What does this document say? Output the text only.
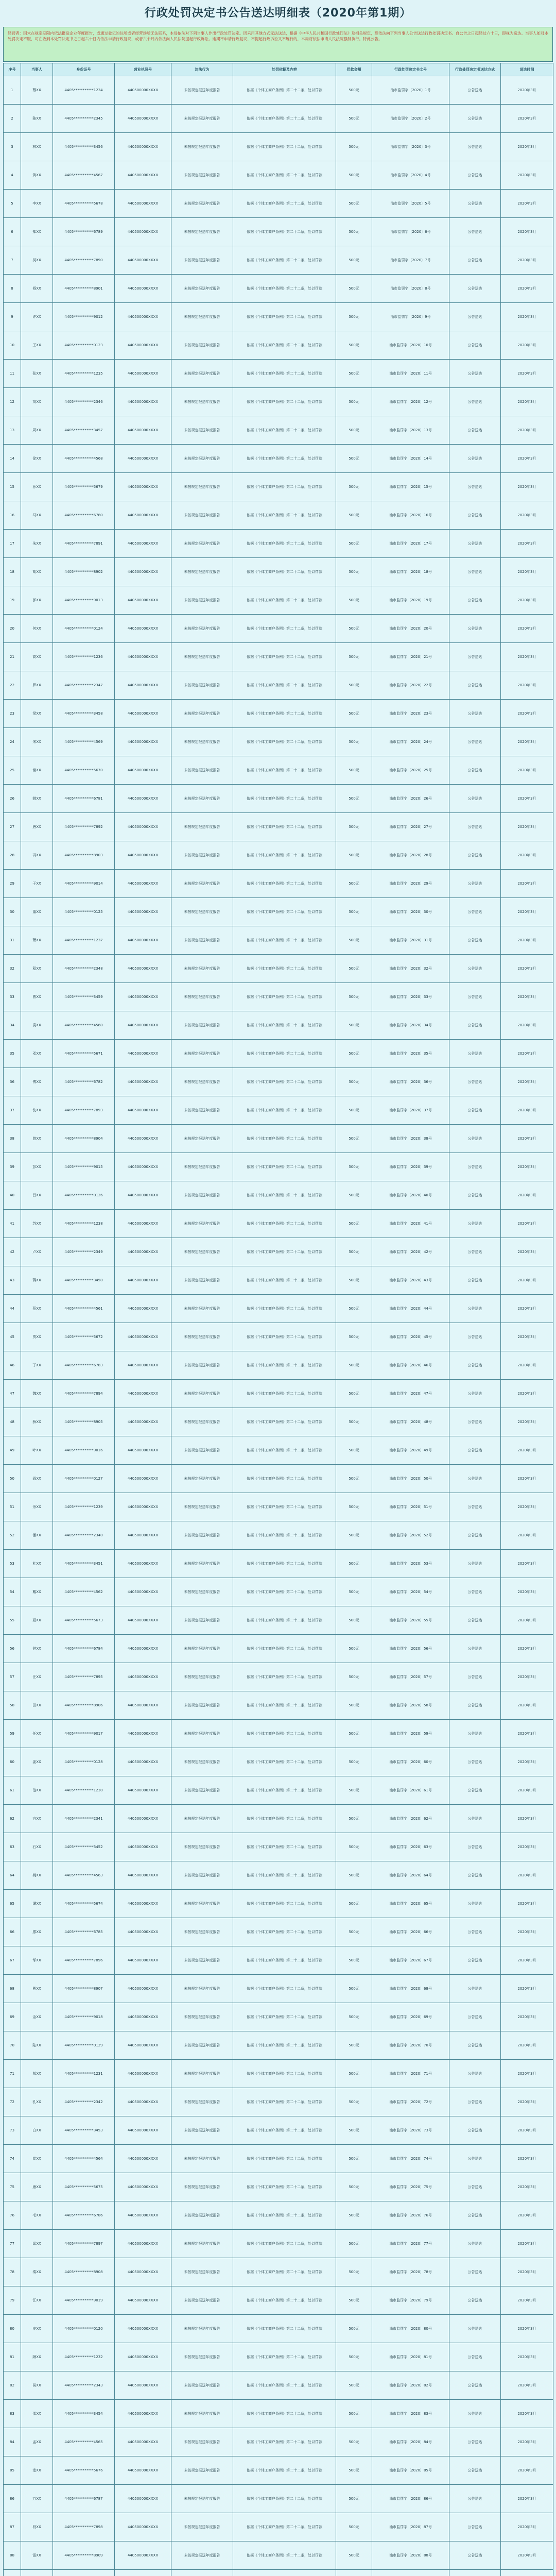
行政处罚决定书公告送达明细表（2020年第1期）
经营者：因未在规定期限内依法报送企业年度报告，或通过登记的住所或者经营场所无法联系，本局依法对下列当事人作出行政处罚决定。因采用其他方式无法送达，根据《中华人民共和国行政处罚法》及相关规定，现依法向下列当事人公告送达行政处罚决定书。自公告之日起经过六十日，即视为送达。当事人如对本处罚决定不服，可在收到本处罚决定书之日起六十日内依法申请行政复议，或者六个月内依法向人民法院提起行政诉讼。逾期不申请行政复议、不提起行政诉讼又不履行的，本局将依法申请人民法院强制执行。特此公告。
序号	当事人	身份证号	营业执照号	违法行为	处罚依据及内容	罚款金额	行政处罚决定书文号	行政处罚决定书送达方式	送达时间
1	蔡XX	4405***********1234	440500000XXXX	未按规定报送年度报告	依据《个体工商户条例》第二十二条，处以罚款	500元	汕市监罚字〔2020〕1号	公告送达	2020年3月
2	陈XX	4405***********2345	440500000XXXX	未按规定报送年度报告	依据《个体工商户条例》第二十二条，处以罚款	500元	汕市监罚字〔2020〕2号	公告送达	2020年3月
3	林XX	4405***********3456	440500000XXXX	未按规定报送年度报告	依据《个体工商户条例》第二十二条，处以罚款	500元	汕市监罚字〔2020〕3号	公告送达	2020年3月
4	黄XX	4405***********4567	440500000XXXX	未按规定报送年度报告	依据《个体工商户条例》第二十二条，处以罚款	500元	汕市监罚字〔2020〕4号	公告送达	2020年3月
5	李XX	4405***********5678	440500000XXXX	未按规定报送年度报告	依据《个体工商户条例》第二十二条，处以罚款	500元	汕市监罚字〔2020〕5号	公告送达	2020年3月
6	郑XX	4405***********6789	440500000XXXX	未按规定报送年度报告	依据《个体工商户条例》第二十二条，处以罚款	500元	汕市监罚字〔2020〕6号	公告送达	2020年3月
7	吴XX	4405***********7890	440500000XXXX	未按规定报送年度报告	依据《个体工商户条例》第二十二条，处以罚款	500元	汕市监罚字〔2020〕7号	公告送达	2020年3月
8	杨XX	4405***********8901	440500000XXXX	未按规定报送年度报告	依据《个体工商户条例》第二十二条，处以罚款	500元	汕市监罚字〔2020〕8号	公告送达	2020年3月
9	许XX	4405***********9012	440500000XXXX	未按规定报送年度报告	依据《个体工商户条例》第二十二条，处以罚款	500元	汕市监罚字〔2020〕9号	公告送达	2020年3月
10	王XX	4405***********0123	440500000XXXX	未按规定报送年度报告	依据《个体工商户条例》第二十二条，处以罚款	500元	汕市监罚字〔2020〕10号	公告送达	2020年3月
11	张XX	4405***********1235	440500000XXXX	未按规定报送年度报告	依据《个体工商户条例》第二十二条，处以罚款	500元	汕市监罚字〔2020〕11号	公告送达	2020年3月
12	刘XX	4405***********2346	440500000XXXX	未按规定报送年度报告	依据《个体工商户条例》第二十二条，处以罚款	500元	汕市监罚字〔2020〕12号	公告送达	2020年3月
13	周XX	4405***********3457	440500000XXXX	未按规定报送年度报告	依据《个体工商户条例》第二十二条，处以罚款	500元	汕市监罚字〔2020〕13号	公告送达	2020年3月
14	徐XX	4405***********4568	440500000XXXX	未按规定报送年度报告	依据《个体工商户条例》第二十二条，处以罚款	500元	汕市监罚字〔2020〕14号	公告送达	2020年3月
15	孙XX	4405***********5679	440500000XXXX	未按规定报送年度报告	依据《个体工商户条例》第二十二条，处以罚款	500元	汕市监罚字〔2020〕15号	公告送达	2020年3月
16	马XX	4405***********6780	440500000XXXX	未按规定报送年度报告	依据《个体工商户条例》第二十二条，处以罚款	500元	汕市监罚字〔2020〕16号	公告送达	2020年3月
17	朱XX	4405***********7891	440500000XXXX	未按规定报送年度报告	依据《个体工商户条例》第二十二条，处以罚款	500元	汕市监罚字〔2020〕17号	公告送达	2020年3月
18	胡XX	4405***********8902	440500000XXXX	未按规定报送年度报告	依据《个体工商户条例》第二十二条，处以罚款	500元	汕市监罚字〔2020〕18号	公告送达	2020年3月
19	郭XX	4405***********9013	440500000XXXX	未按规定报送年度报告	依据《个体工商户条例》第二十二条，处以罚款	500元	汕市监罚字〔2020〕19号	公告送达	2020年3月
20	何XX	4405***********0124	440500000XXXX	未按规定报送年度报告	依据《个体工商户条例》第二十二条，处以罚款	500元	汕市监罚字〔2020〕20号	公告送达	2020年3月
21	高XX	4405***********1236	440500000XXXX	未按规定报送年度报告	依据《个体工商户条例》第二十二条，处以罚款	500元	汕市监罚字〔2020〕21号	公告送达	2020年3月
22	罗XX	4405***********2347	440500000XXXX	未按规定报送年度报告	依据《个体工商户条例》第二十二条，处以罚款	500元	汕市监罚字〔2020〕22号	公告送达	2020年3月
23	梁XX	4405***********3458	440500000XXXX	未按规定报送年度报告	依据《个体工商户条例》第二十二条，处以罚款	500元	汕市监罚字〔2020〕23号	公告送达	2020年3月
24	宋XX	4405***********4569	440500000XXXX	未按规定报送年度报告	依据《个体工商户条例》第二十二条，处以罚款	500元	汕市监罚字〔2020〕24号	公告送达	2020年3月
25	谢XX	4405***********5670	440500000XXXX	未按规定报送年度报告	依据《个体工商户条例》第二十二条，处以罚款	500元	汕市监罚字〔2020〕25号	公告送达	2020年3月
26	韩XX	4405***********6781	440500000XXXX	未按规定报送年度报告	依据《个体工商户条例》第二十二条，处以罚款	500元	汕市监罚字〔2020〕26号	公告送达	2020年3月
27	唐XX	4405***********7892	440500000XXXX	未按规定报送年度报告	依据《个体工商户条例》第二十二条，处以罚款	500元	汕市监罚字〔2020〕27号	公告送达	2020年3月
28	冯XX	4405***********8903	440500000XXXX	未按规定报送年度报告	依据《个体工商户条例》第二十二条，处以罚款	500元	汕市监罚字〔2020〕28号	公告送达	2020年3月
29	于XX	4405***********9014	440500000XXXX	未按规定报送年度报告	依据《个体工商户条例》第二十二条，处以罚款	500元	汕市监罚字〔2020〕29号	公告送达	2020年3月
30	董XX	4405***********0125	440500000XXXX	未按规定报送年度报告	依据《个体工商户条例》第二十二条，处以罚款	500元	汕市监罚字〔2020〕30号	公告送达	2020年3月
31	萧XX	4405***********1237	440500000XXXX	未按规定报送年度报告	依据《个体工商户条例》第二十二条，处以罚款	500元	汕市监罚字〔2020〕31号	公告送达	2020年3月
32	程XX	4405***********2348	440500000XXXX	未按规定报送年度报告	依据《个体工商户条例》第二十二条，处以罚款	500元	汕市监罚字〔2020〕32号	公告送达	2020年3月
33	曹XX	4405***********3459	440500000XXXX	未按规定报送年度报告	依据《个体工商户条例》第二十二条，处以罚款	500元	汕市监罚字〔2020〕33号	公告送达	2020年3月
34	袁XX	4405***********4560	440500000XXXX	未按规定报送年度报告	依据《个体工商户条例》第二十二条，处以罚款	500元	汕市监罚字〔2020〕34号	公告送达	2020年3月
35	邓XX	4405***********5671	440500000XXXX	未按规定报送年度报告	依据《个体工商户条例》第二十二条，处以罚款	500元	汕市监罚字〔2020〕35号	公告送达	2020年3月
36	傅XX	4405***********6782	440500000XXXX	未按规定报送年度报告	依据《个体工商户条例》第二十二条，处以罚款	500元	汕市监罚字〔2020〕36号	公告送达	2020年3月
37	沈XX	4405***********7893	440500000XXXX	未按规定报送年度报告	依据《个体工商户条例》第二十二条，处以罚款	500元	汕市监罚字〔2020〕37号	公告送达	2020年3月
38	曾XX	4405***********8904	440500000XXXX	未按规定报送年度报告	依据《个体工商户条例》第二十二条，处以罚款	500元	汕市监罚字〔2020〕38号	公告送达	2020年3月
39	彭XX	4405***********9015	440500000XXXX	未按规定报送年度报告	依据《个体工商户条例》第二十二条，处以罚款	500元	汕市监罚字〔2020〕39号	公告送达	2020年3月
40	吕XX	4405***********0126	440500000XXXX	未按规定报送年度报告	依据《个体工商户条例》第二十二条，处以罚款	500元	汕市监罚字〔2020〕40号	公告送达	2020年3月
41	苏XX	4405***********1238	440500000XXXX	未按规定报送年度报告	依据《个体工商户条例》第二十二条，处以罚款	500元	汕市监罚字〔2020〕41号	公告送达	2020年3月
42	卢XX	4405***********2349	440500000XXXX	未按规定报送年度报告	依据《个体工商户条例》第二十二条，处以罚款	500元	汕市监罚字〔2020〕42号	公告送达	2020年3月
43	蒋XX	4405***********3450	440500000XXXX	未按规定报送年度报告	依据《个体工商户条例》第二十二条，处以罚款	500元	汕市监罚字〔2020〕43号	公告送达	2020年3月
44	蔡XX	4405***********4561	440500000XXXX	未按规定报送年度报告	依据《个体工商户条例》第二十二条，处以罚款	500元	汕市监罚字〔2020〕44号	公告送达	2020年3月
45	贾XX	4405***********5672	440500000XXXX	未按规定报送年度报告	依据《个体工商户条例》第二十二条，处以罚款	500元	汕市监罚字〔2020〕45号	公告送达	2020年3月
46	丁XX	4405***********6783	440500000XXXX	未按规定报送年度报告	依据《个体工商户条例》第二十二条，处以罚款	500元	汕市监罚字〔2020〕46号	公告送达	2020年3月
47	魏XX	4405***********7894	440500000XXXX	未按规定报送年度报告	依据《个体工商户条例》第二十二条，处以罚款	500元	汕市监罚字〔2020〕47号	公告送达	2020年3月
48	薛XX	4405***********8905	440500000XXXX	未按规定报送年度报告	依据《个体工商户条例》第二十二条，处以罚款	500元	汕市监罚字〔2020〕48号	公告送达	2020年3月
49	叶XX	4405***********9016	440500000XXXX	未按规定报送年度报告	依据《个体工商户条例》第二十二条，处以罚款	500元	汕市监罚字〔2020〕49号	公告送达	2020年3月
50	阎XX	4405***********0127	440500000XXXX	未按规定报送年度报告	依据《个体工商户条例》第二十二条，处以罚款	500元	汕市监罚字〔2020〕50号	公告送达	2020年3月
51	余XX	4405***********1239	440500000XXXX	未按规定报送年度报告	依据《个体工商户条例》第二十二条，处以罚款	500元	汕市监罚字〔2020〕51号	公告送达	2020年3月
52	潘XX	4405***********2340	440500000XXXX	未按规定报送年度报告	依据《个体工商户条例》第二十二条，处以罚款	500元	汕市监罚字〔2020〕52号	公告送达	2020年3月
53	杜XX	4405***********3451	440500000XXXX	未按规定报送年度报告	依据《个体工商户条例》第二十二条，处以罚款	500元	汕市监罚字〔2020〕53号	公告送达	2020年3月
54	戴XX	4405***********4562	440500000XXXX	未按规定报送年度报告	依据《个体工商户条例》第二十二条，处以罚款	500元	汕市监罚字〔2020〕54号	公告送达	2020年3月
55	夏XX	4405***********5673	440500000XXXX	未按规定报送年度报告	依据《个体工商户条例》第二十二条，处以罚款	500元	汕市监罚字〔2020〕55号	公告送达	2020年3月
56	钟XX	4405***********6784	440500000XXXX	未按规定报送年度报告	依据《个体工商户条例》第二十二条，处以罚款	500元	汕市监罚字〔2020〕56号	公告送达	2020年3月
57	汪XX	4405***********7895	440500000XXXX	未按规定报送年度报告	依据《个体工商户条例》第二十二条，处以罚款	500元	汕市监罚字〔2020〕57号	公告送达	2020年3月
58	田XX	4405***********8906	440500000XXXX	未按规定报送年度报告	依据《个体工商户条例》第二十二条，处以罚款	500元	汕市监罚字〔2020〕58号	公告送达	2020年3月
59	任XX	4405***********9017	440500000XXXX	未按规定报送年度报告	依据《个体工商户条例》第二十二条，处以罚款	500元	汕市监罚字〔2020〕59号	公告送达	2020年3月
60	姜XX	4405***********0128	440500000XXXX	未按规定报送年度报告	依据《个体工商户条例》第二十二条，处以罚款	500元	汕市监罚字〔2020〕60号	公告送达	2020年3月
61	范XX	4405***********1230	440500000XXXX	未按规定报送年度报告	依据《个体工商户条例》第二十二条，处以罚款	500元	汕市监罚字〔2020〕61号	公告送达	2020年3月
62	方XX	4405***********2341	440500000XXXX	未按规定报送年度报告	依据《个体工商户条例》第二十二条，处以罚款	500元	汕市监罚字〔2020〕62号	公告送达	2020年3月
63	石XX	4405***********3452	440500000XXXX	未按规定报送年度报告	依据《个体工商户条例》第二十二条，处以罚款	500元	汕市监罚字〔2020〕63号	公告送达	2020年3月
64	姚XX	4405***********4563	440500000XXXX	未按规定报送年度报告	依据《个体工商户条例》第二十二条，处以罚款	500元	汕市监罚字〔2020〕64号	公告送达	2020年3月
65	谭XX	4405***********5674	440500000XXXX	未按规定报送年度报告	依据《个体工商户条例》第二十二条，处以罚款	500元	汕市监罚字〔2020〕65号	公告送达	2020年3月
66	廖XX	4405***********6785	440500000XXXX	未按规定报送年度报告	依据《个体工商户条例》第二十二条，处以罚款	500元	汕市监罚字〔2020〕66号	公告送达	2020年3月
67	邹XX	4405***********7896	440500000XXXX	未按规定报送年度报告	依据《个体工商户条例》第二十二条，处以罚款	500元	汕市监罚字〔2020〕67号	公告送达	2020年3月
68	熊XX	4405***********8907	440500000XXXX	未按规定报送年度报告	依据《个体工商户条例》第二十二条，处以罚款	500元	汕市监罚字〔2020〕68号	公告送达	2020年3月
69	金XX	4405***********9018	440500000XXXX	未按规定报送年度报告	依据《个体工商户条例》第二十二条，处以罚款	500元	汕市监罚字〔2020〕69号	公告送达	2020年3月
70	陆XX	4405***********0129	440500000XXXX	未按规定报送年度报告	依据《个体工商户条例》第二十二条，处以罚款	500元	汕市监罚字〔2020〕70号	公告送达	2020年3月
71	郝XX	4405***********1231	440500000XXXX	未按规定报送年度报告	依据《个体工商户条例》第二十二条，处以罚款	500元	汕市监罚字〔2020〕71号	公告送达	2020年3月
72	孔XX	4405***********2342	440500000XXXX	未按规定报送年度报告	依据《个体工商户条例》第二十二条，处以罚款	500元	汕市监罚字〔2020〕72号	公告送达	2020年3月
73	白XX	4405***********3453	440500000XXXX	未按规定报送年度报告	依据《个体工商户条例》第二十二条，处以罚款	500元	汕市监罚字〔2020〕73号	公告送达	2020年3月
74	崔XX	4405***********4564	440500000XXXX	未按规定报送年度报告	依据《个体工商户条例》第二十二条，处以罚款	500元	汕市监罚字〔2020〕74号	公告送达	2020年3月
75	康XX	4405***********5675	440500000XXXX	未按规定报送年度报告	依据《个体工商户条例》第二十二条，处以罚款	500元	汕市监罚字〔2020〕75号	公告送达	2020年3月
76	毛XX	4405***********6786	440500000XXXX	未按规定报送年度报告	依据《个体工商户条例》第二十二条，处以罚款	500元	汕市监罚字〔2020〕76号	公告送达	2020年3月
77	邱XX	4405***********7897	440500000XXXX	未按规定报送年度报告	依据《个体工商户条例》第二十二条，处以罚款	500元	汕市监罚字〔2020〕77号	公告送达	2020年3月
78	秦XX	4405***********8908	440500000XXXX	未按规定报送年度报告	依据《个体工商户条例》第二十二条，处以罚款	500元	汕市监罚字〔2020〕78号	公告送达	2020年3月
79	江XX	4405***********9019	440500000XXXX	未按规定报送年度报告	依据《个体工商户条例》第二十二条，处以罚款	500元	汕市监罚字〔2020〕79号	公告送达	2020年3月
80	史XX	4405***********0120	440500000XXXX	未按规定报送年度报告	依据《个体工商户条例》第二十二条，处以罚款	500元	汕市监罚字〔2020〕80号	公告送达	2020年3月
81	顾XX	4405***********1232	440500000XXXX	未按规定报送年度报告	依据《个体工商户条例》第二十二条，处以罚款	500元	汕市监罚字〔2020〕81号	公告送达	2020年3月
82	侯XX	4405***********2343	440500000XXXX	未按规定报送年度报告	依据《个体工商户条例》第二十二条，处以罚款	500元	汕市监罚字〔2020〕82号	公告送达	2020年3月
83	邵XX	4405***********3454	440500000XXXX	未按规定报送年度报告	依据《个体工商户条例》第二十二条，处以罚款	500元	汕市监罚字〔2020〕83号	公告送达	2020年3月
84	孟XX	4405***********4565	440500000XXXX	未按规定报送年度报告	依据《个体工商户条例》第二十二条，处以罚款	500元	汕市监罚字〔2020〕84号	公告送达	2020年3月
85	龙XX	4405***********5676	440500000XXXX	未按规定报送年度报告	依据《个体工商户条例》第二十二条，处以罚款	500元	汕市监罚字〔2020〕85号	公告送达	2020年3月
86	万XX	4405***********6787	440500000XXXX	未按规定报送年度报告	依据《个体工商户条例》第二十二条，处以罚款	500元	汕市监罚字〔2020〕86号	公告送达	2020年3月
87	段XX	4405***********7898	440500000XXXX	未按规定报送年度报告	依据《个体工商户条例》第二十二条，处以罚款	500元	汕市监罚字〔2020〕87号	公告送达	2020年3月
88	雷XX	4405***********8909	440500000XXXX	未按规定报送年度报告	依据《个体工商户条例》第二十二条，处以罚款	500元	汕市监罚字〔2020〕88号	公告送达	2020年3月
